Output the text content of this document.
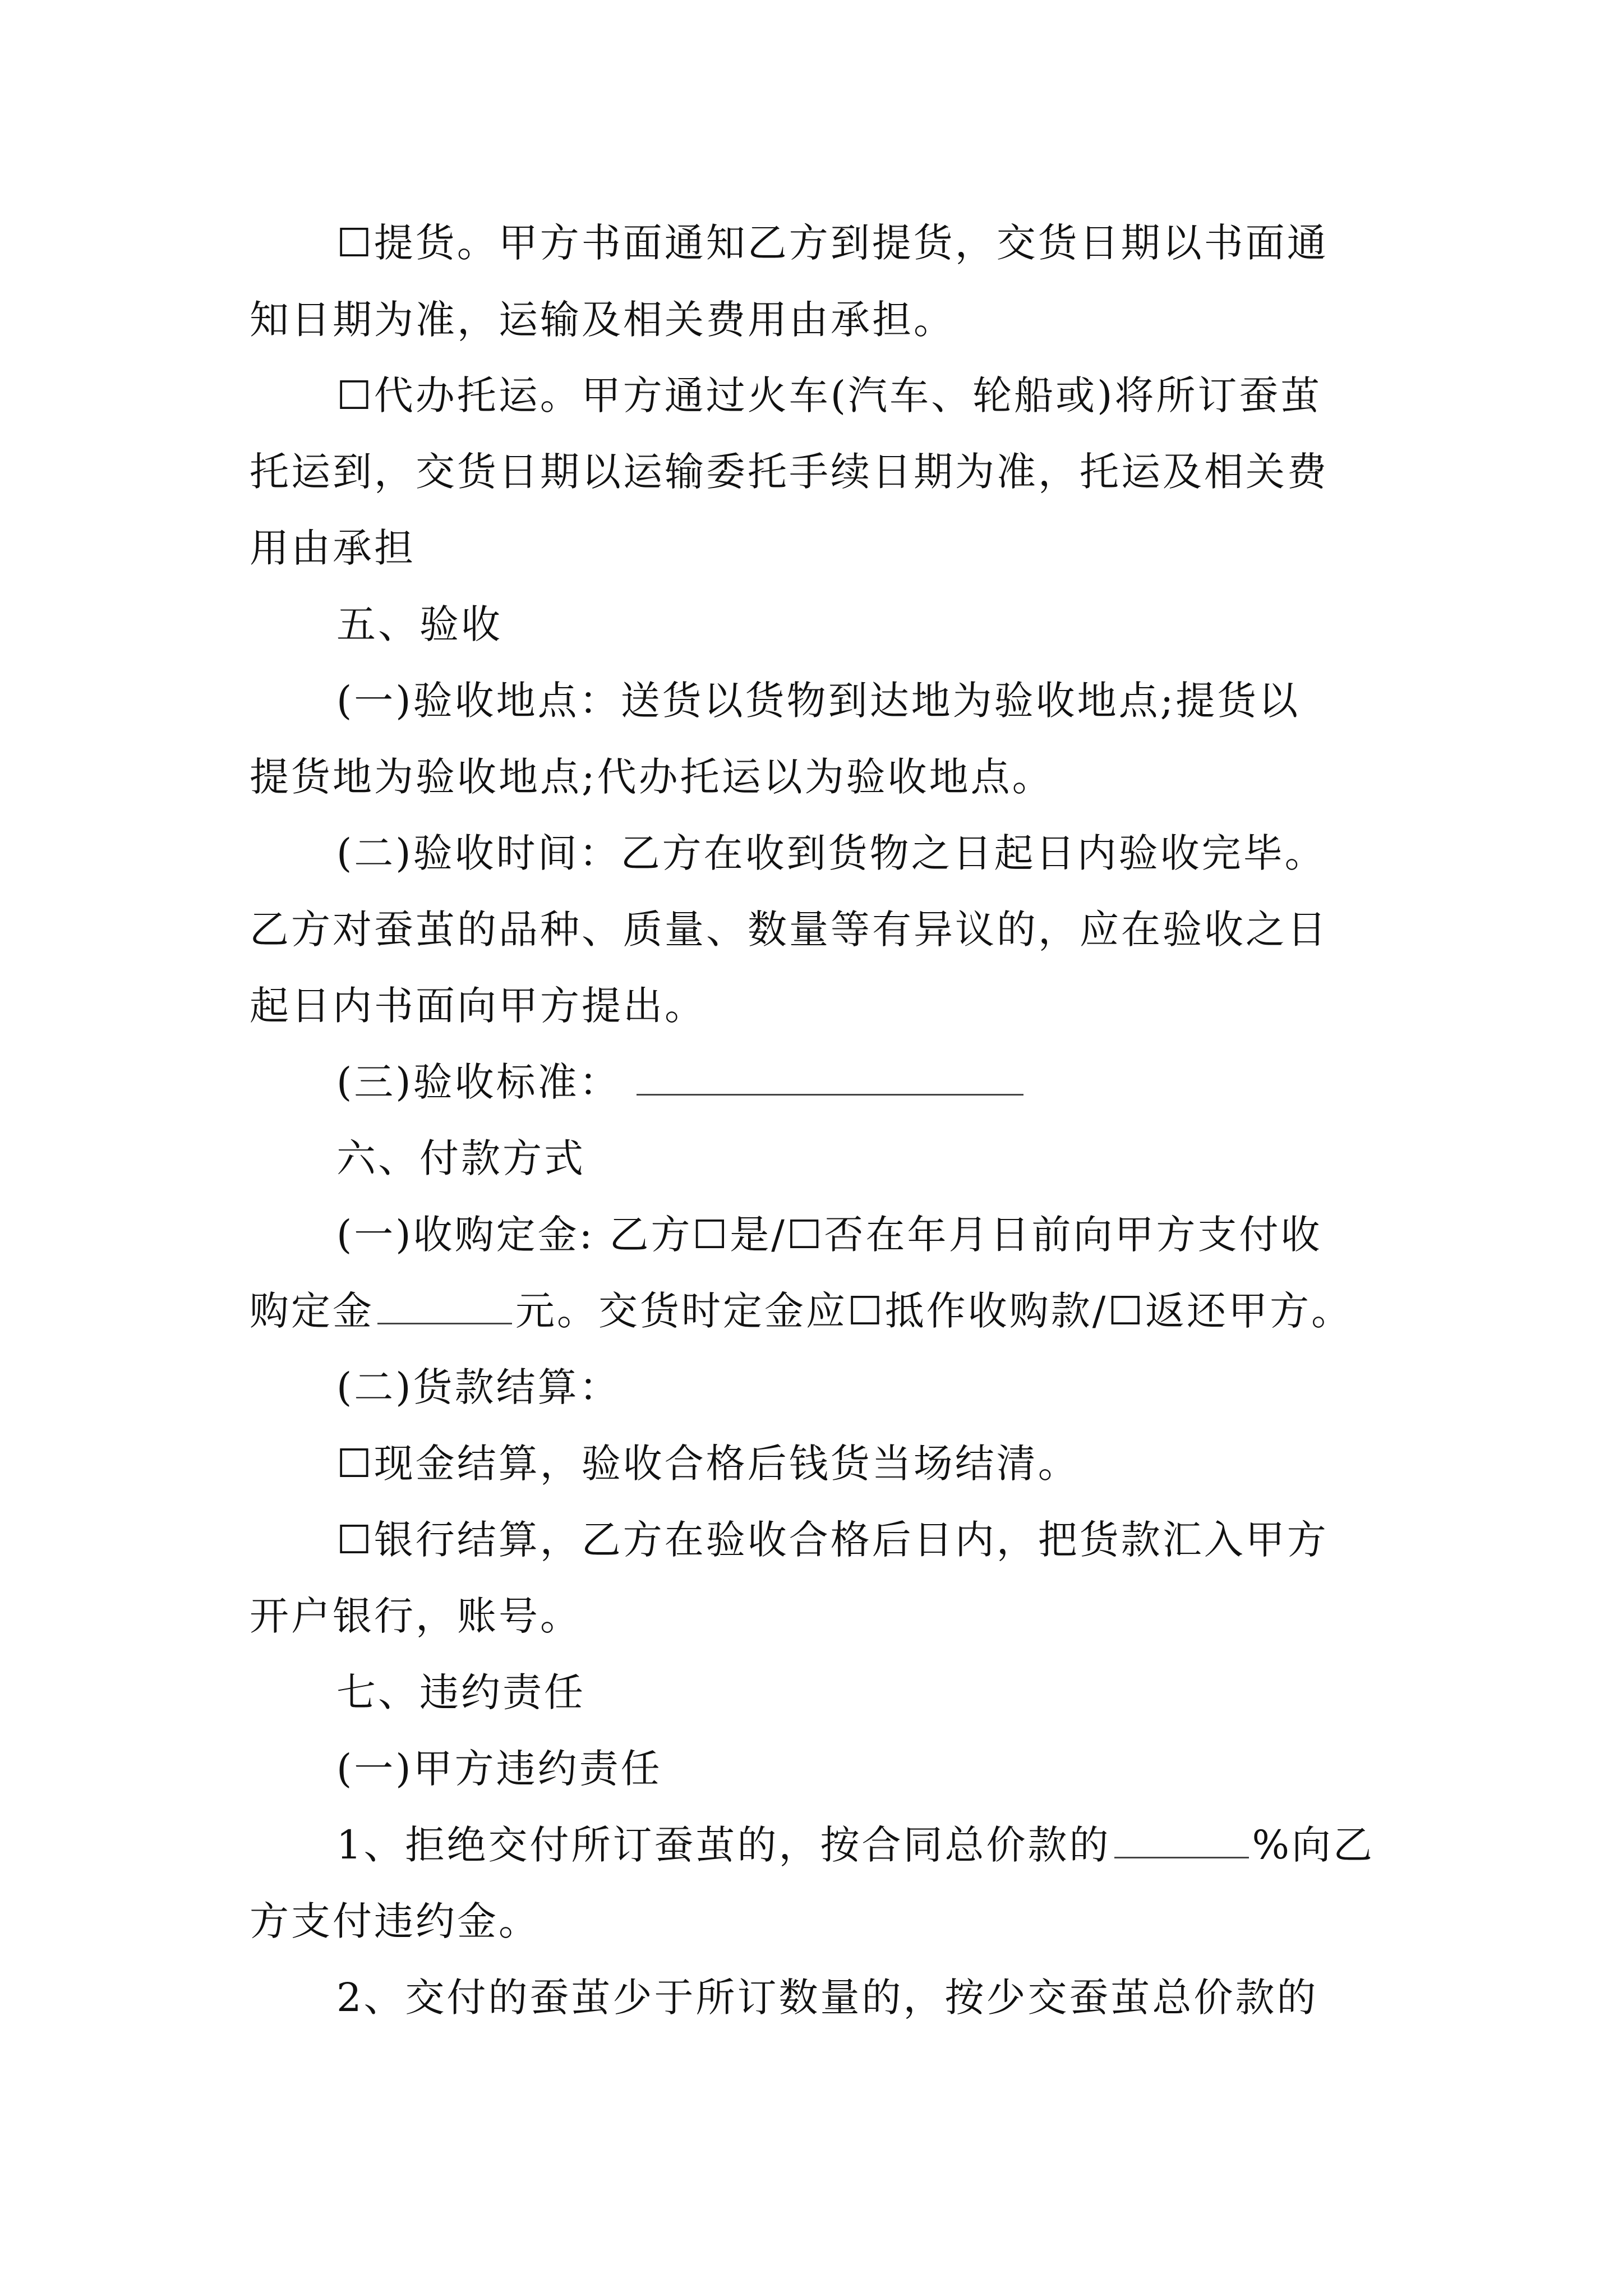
☐提货。甲方书面通知乙方到提货，交货日期以书面通
知日期为准，运输及相关费用由承担。
☐代办托运。甲方通过火车(汽车、轮船或)将所订蚕茧
托运到，交货日期以运输委托手续日期为准，托运及相关费
用由承担
五、验收
(一)验收地点：送货以货物到达地为验收地点;提货以
提货地为验收地点;代办托运以为验收地点。
(二)验收时间：乙方在收到货物之日起日内验收完毕。
乙方对蚕茧的品种、质量、数量等有异议的，应在验收之日
起日内书面向甲方提出。
(三)验收标准：
六、付款方式
(一)收购定金: 乙方☐是/☐否在年月日前向甲方支付收
购定金	元。交货时定金应☐抵作收购款/☐返还甲方。
(二)货款结算：
☐现金结算，验收合格后钱货当场结清。
☐银行结算，乙方在验收合格后日内，把货款汇入甲方
开户银行，账号。
七、违约责任
(一)甲方违约责任
1、拒绝交付所订蚕茧的，按合同总价款的	%向乙
方支付违约金。
2、交付的蚕茧少于所订数量的，按少交蚕茧总价款的
